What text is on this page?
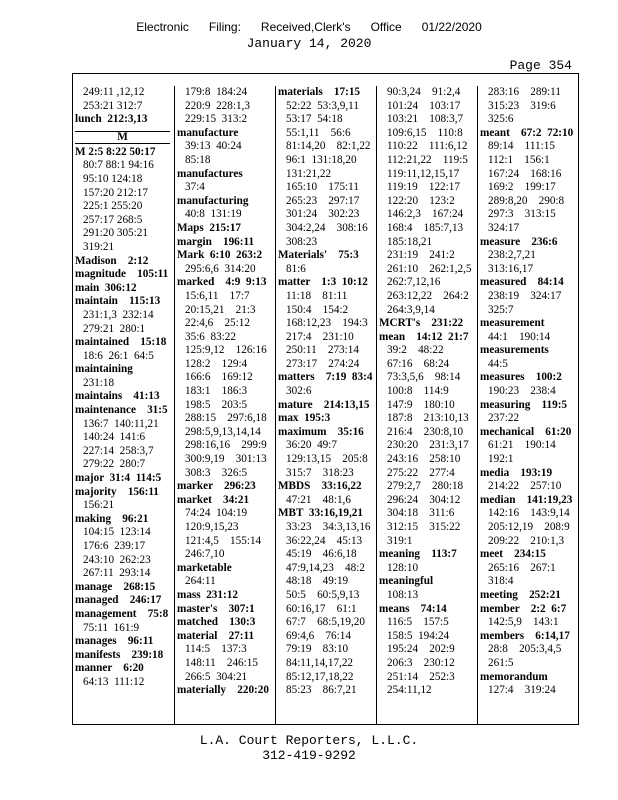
Electronic Filing: Received,Clerk's Office 01/22/2020
January 14, 2020
Page 354
249:11 ,12,12
253:21 312:7
lunch  212:3,13
M
M 2:5 8:22 50:17
80:7 88:1 94:16
95:10 124:18
157:20 212:17
225:1 255:20
257:17 268:5
291:20 305:21
319:21
Madison    2:12
magnitude    105:11
main  306:12
maintain    115:13
231:1,3  232:14
279:21  280:1
maintained    15:18
18:6  26:1  64:5
maintaining
231:18
maintains    41:13
maintenance    31:5
136:7  140:11,21
140:24  141:6
227:14  258:3,7
279:22  280:7
major  31:4  114:5
majority    156:11
156:21
making    96:21
104:15  123:14
176:6  239:17
243:10  262:23
267:11  293:14
manage    268:15
managed    246:17
management    75:8
75:11  161:9
manages    96:11
manifests    239:18
manner    6:20
64:13  111:12
179:8  184:24
220:9  228:1,3
229:15  313:2
manufacture
39:13  40:24
85:18
manufactures
37:4
manufacturing
40:8  131:19
Maps  215:17
margin    196:11
Mark  6:10  263:2
295:6,6  314:20
marked    4:9  9:13
15:6,11    17:7
20:15,21    21:3
22:4,6    25:12
35:6  83:22
125:9,12    126:16
128:2    129:4
166:6    169:12
183:1    186:3
198:5    203:5
288:15    297:6,18
298:5,9,13,14,14
298:16,16    299:9
300:9,19    301:13
308:3    326:5
marker    296:23
market    34:21
74:24  104:19
120:9,15,23
121:4,5    155:14
246:7,10
marketable
264:11
mass  231:12
master's    307:1
matched    130:3
material    27:11
114:5    137:3
148:11    246:15
266:5  304:21
materially    220:20
materials    17:15
52:22  53:3,9,11
53:17  54:18
55:1,11    56:6
81:14,20    82:1,22
96:1  131:18,20
131:21,22
165:10    175:11
265:23    297:17
301:24    302:23
304:2,24    308:16
308:23
Materials'    75:3
81:6
matter    1:3  10:12
11:18    81:11
150:4    154:2
168:12,23    194:3
217:4    231:10
250:11    273:14
273:17    274:24
matters    7:19  83:4
302:6
mature    214:13,15
max  195:3
maximum    35:16
36:20  49:7
129:13,15    205:8
315:7    318:23
MBDS    33:16,22
47:21    48:1,6
MBT  33:16,19,21
33:23    34:3,13,16
36:22,24    45:13
45:19    46:6,18
47:9,14,23    48:2
48:18    49:19
50:5    60:5,9,13
60:16,17    61:1
67:7    68:5,19,20
69:4,6    76:14
79:19    83:10
84:11,14,17,22
85:12,17,18,22
85:23    86:7,21
90:3,24    91:2,4
101:24    103:17
103:21    108:3,7
109:6,15    110:8
110:22    111:6,12
112:21,22    119:5
119:11,12,15,17
119:19    122:17
122:20    123:2
146:2,3    167:24
168:4    185:7,13
185:18,21
231:19    241:2
261:10    262:1,2,5
262:7,12,16
263:12,22    264:2
264:3,9,14
MCRT's    231:22
mean    14:12  21:7
39:2    48:22
67:16    68:24
73:3,5,6    98:14
100:8    114:9
147:9    180:10
187:8    213:10,13
216:4    230:8,10
230:20    231:3,17
243:16    258:10
275:22    277:4
279:2,7    280:18
296:24    304:12
304:18    311:6
312:15    315:22
319:1
meaning    113:7
128:10
meaningful
108:13
means    74:14
116:5    157:5
158:5  194:24
195:24    202:9
206:3    230:12
251:14    252:3
254:11,12
283:16    289:11
315:23    319:6
325:6
meant    67:2  72:10
89:14    111:15
112:1    156:1
167:24    168:16
169:2    199:17
289:8,20    290:8
297:3    313:15
324:17
measure    236:6
238:2,7,21
313:16,17
measured    84:14
238:19    324:17
325:7
measurement
44:1    190:14
measurements
44:5
measures    100:2
190:23    238:4
measuring    119:5
237:22
mechanical    61:20
61:21    190:14
192:1
media    193:19
214:22    257:10
median    141:19,23
142:16    143:9,14
205:12,19    208:9
209:22    210:1,3
meet    234:15
265:16    267:1
318:4
meeting    252:21
member    2:2  6:7
142:5,9    143:1
members    6:14,17
28:8    205:3,4,5
261:5
memorandum
127:4    319:24
L.A. Court Reporters, L.L.C.
312-419-9292
